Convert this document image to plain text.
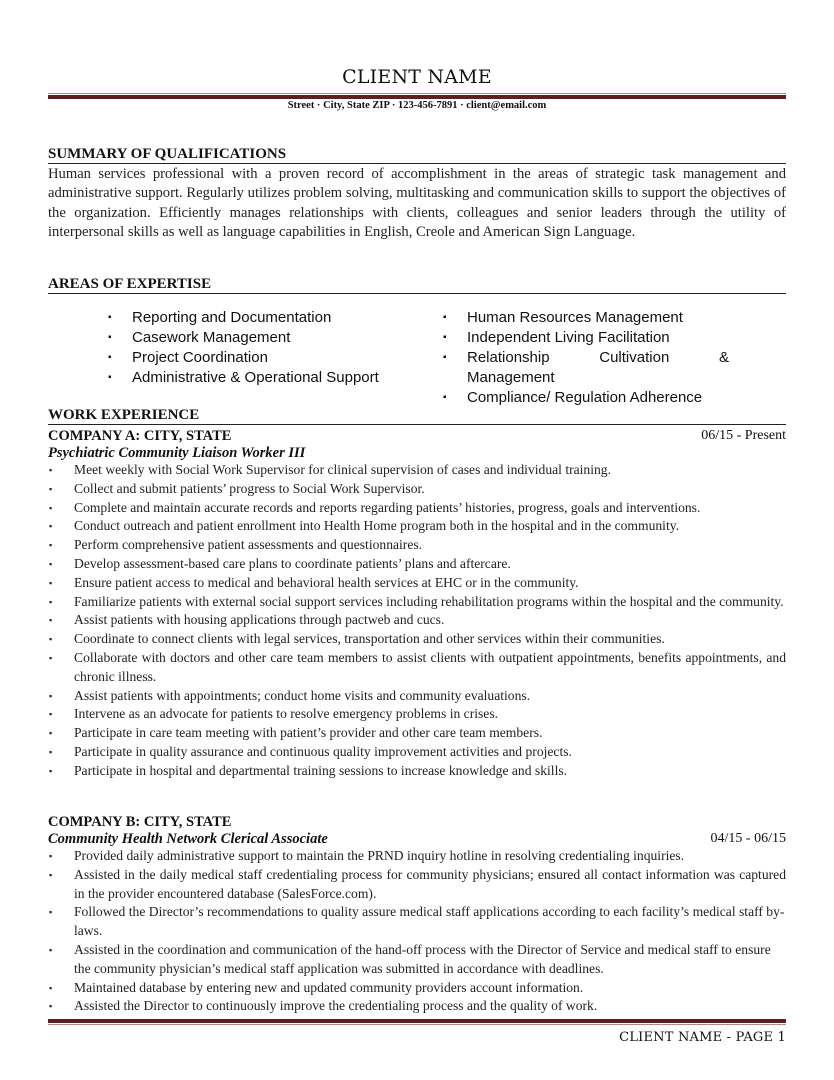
CLIENT NAME
Street · City, State ZIP · 123-456-7891 · client@email.com
SUMMARY OF QUALIFICATIONS
Human services professional with a proven record of accomplishment in the areas of strategic task management and administrative support. Regularly utilizes problem solving, multitasking and communication skills to support the objectives of the organization. Efficiently manages relationships with clients, colleagues and senior leaders through the utility of interpersonal skills as well as language capabilities in English, Creole and American Sign Language.
AREAS OF EXPERTISE
▪ Reporting and Documentation
▪ Casework Management
▪ Project Coordination
▪ Administrative & Operational Support
▪ Human Resources Management
▪ Independent Living Facilitation
▪ Relationship Cultivation & Management
▪ Compliance/ Regulation Adherence
WORK EXPERIENCE
COMPANY A: CITY, STATE	06/15 - Present
Psychiatric Community Liaison Worker III
▪ Meet weekly with Social Work Supervisor for clinical supervision of cases and individual training.
▪ Collect and submit patients’ progress to Social Work Supervisor.
▪ Complete and maintain accurate records and reports regarding patients’ histories, progress, goals and interventions.
▪ Conduct outreach and patient enrollment into Health Home program both in the hospital and in the community.
▪ Perform comprehensive patient assessments and questionnaires.
▪ Develop assessment-based care plans to coordinate patients’ plans and aftercare.
▪ Ensure patient access to medical and behavioral health services at EHC or in the community.
▪ Familiarize patients with external social support services including rehabilitation programs within the hospital and the community.
▪ Assist patients with housing applications through pactweb and cucs.
▪ Coordinate to connect clients with legal services, transportation and other services within their communities.
▪ Collaborate with doctors and other care team members to assist clients with outpatient appointments, benefits appointments, and chronic illness.
▪ Assist patients with appointments; conduct home visits and community evaluations.
▪ Intervene as an advocate for patients to resolve emergency problems in crises.
▪ Participate in care team meeting with patient’s provider and other care team members.
▪ Participate in quality assurance and continuous quality improvement activities and projects.
▪ Participate in hospital and departmental training sessions to increase knowledge and skills.
COMPANY B: CITY, STATE
Community Health Network Clerical Associate	04/15 - 06/15
▪ Provided daily administrative support to maintain the PRND inquiry hotline in resolving credentialing inquiries.
▪ Assisted in the daily medical staff credentialing process for community physicians; ensured all contact information was captured in the provider encountered database (SalesForce.com).
▪ Followed the Director’s recommendations to quality assure medical staff applications according to each facility’s medical staff by-laws.
▪ Assisted in the coordination and communication of the hand-off process with the Director of Service and medical staff to ensure the community physician’s medical staff application was submitted in accordance with deadlines.
▪ Maintained database by entering new and updated community providers account information.
▪ Assisted the Director to continuously improve the credentialing process and the quality of work.
CLIENT NAME - PAGE 1
